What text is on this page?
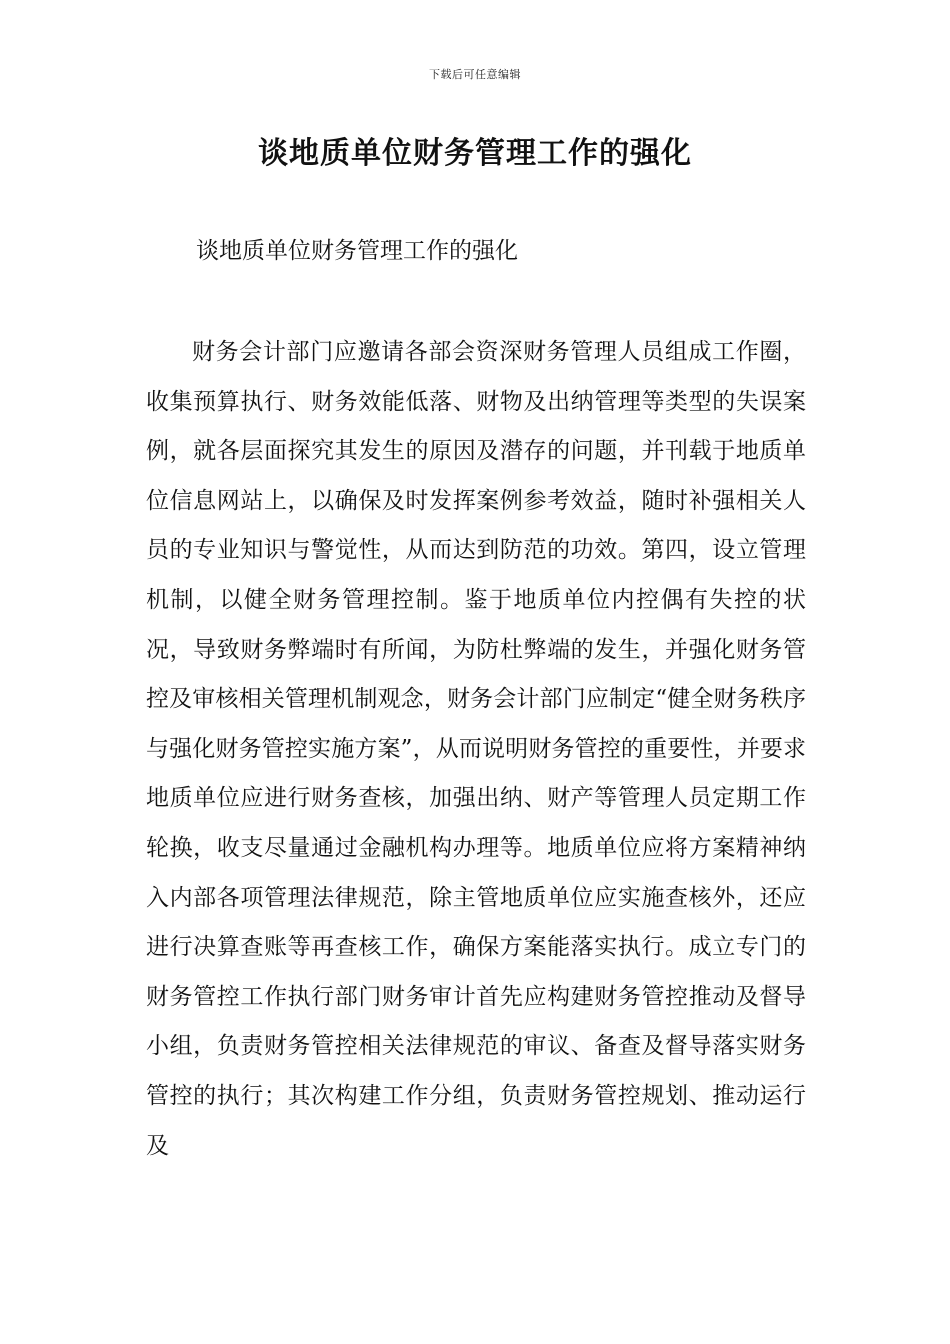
下载后可任意编辑
谈地质单位财务管理工作的强化

谈地质单位财务管理工作的强化

财务会计部门应邀请各部会资深财务管理人员组成工作圈，收集预算执行、财务效能低落、财物及出纳管理等类型的失误案例，就各层面探究其发生的原因及潜存的问题，并刊载于地质单位信息网站上，以确保及时发挥案例参考效益，随时补强相关人员的专业知识与警觉性，从而达到防范的功效。第四，设立管理机制，以健全财务管理控制。鉴于地质单位内控偶有失控的状况，导致财务弊端时有所闻，为防杜弊端的发生，并强化财务管控及审核相关管理机制观念，财务会计部门应制定“健全财务秩序与强化财务管控实施方案”，从而说明财务管控的重要性，并要求地质单位应进行财务查核，加强出纳、财产等管理人员定期工作轮换，收支尽量通过金融机构办理等。地质单位应将方案精神纳入内部各项管理法律规范，除主管地质单位应实施查核外，还应进行决算查账等再查核工作，确保方案能落实执行。成立专门的财务管控工作执行部门财务审计首先应构建财务管控推动及督导小组，负责财务管控相关法律规范的审议、备查及督导落实财务管控的执行；其次构建工作分组，负责财务管控规划、推动运行及
